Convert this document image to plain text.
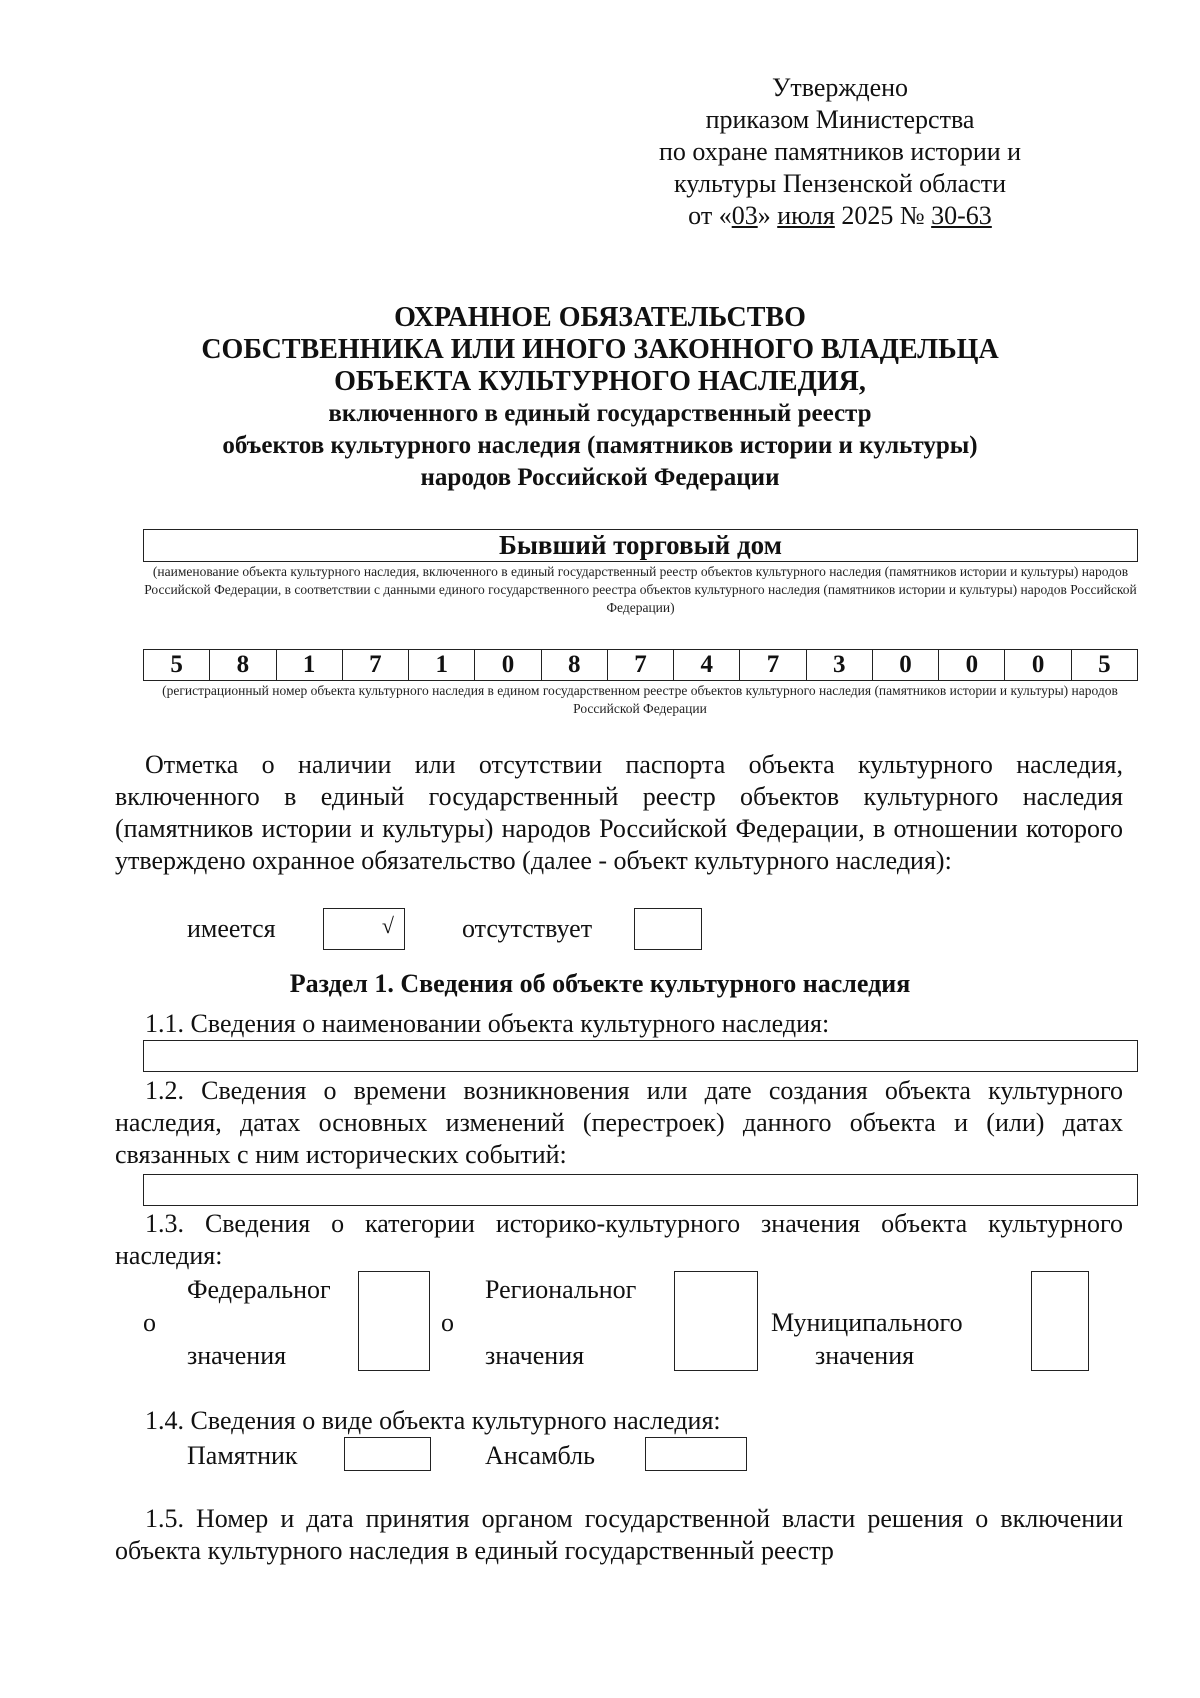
Утверждено
приказом Министерства
по охране памятников истории и
культуры Пензенской области
от «03» июля 2025 № 30-63
ОХРАННОЕ ОБЯЗАТЕЛЬСТВО
СОБСТВЕННИКА ИЛИ ИНОГО ЗАКОННОГО ВЛАДЕЛЬЦА
ОБЪЕКТА КУЛЬТУРНОГО НАСЛЕДИЯ,
включенного в единый государственный реестр
объектов культурного наследия (памятников истории и культуры)
народов Российской Федерации
Бывший торговый дом
(наименование объекта культурного наследия, включенного в единый государственный реестр объектов культурного наследия (памятников истории и культуры) народов Российской Федерации, в соответствии с данными единого государственного реестра объектов культурного наследия (памятников истории и культуры) народов Российской Федерации)
5	8	1	7	1	0	8	7	4	7	3	0	0	0	5
(регистрационный номер объекта культурного наследия в едином государственном реестре объектов культурного наследия (памятников истории и культуры) народов Российской Федерации

Отметка о наличии или отсутствии паспорта объекта культурного наследия, включенного в единый государственный реестр объектов культурного наследия (памятников истории и культуры) народов Российской Федерации, в отношении которого утверждено охранное обязательство (далее - объект культурного наследия):

имеется	√	отсутствует
Раздел 1. Сведения об объекте культурного наследия

1.1. Сведения о наименовании объекта культурного наследия:

1.2. Сведения о времени возникновения или дате создания объекта культурного наследия, датах основных изменений (перестроек) данного объекта и (или) датах связанных с ним исторических событий:

1.3. Сведения о категории историко-культурного значения объекта культурного наследия:

Федеральног
о
значения
Региональног
о
значения
Муниципального
значения

1.4. Сведения о виде объекта культурного наследия:

Памятник	Ансамбль

1.5. Номер и дата принятия органом государственной власти решения о включении объекта культурного наследия в единый государственный реестр
